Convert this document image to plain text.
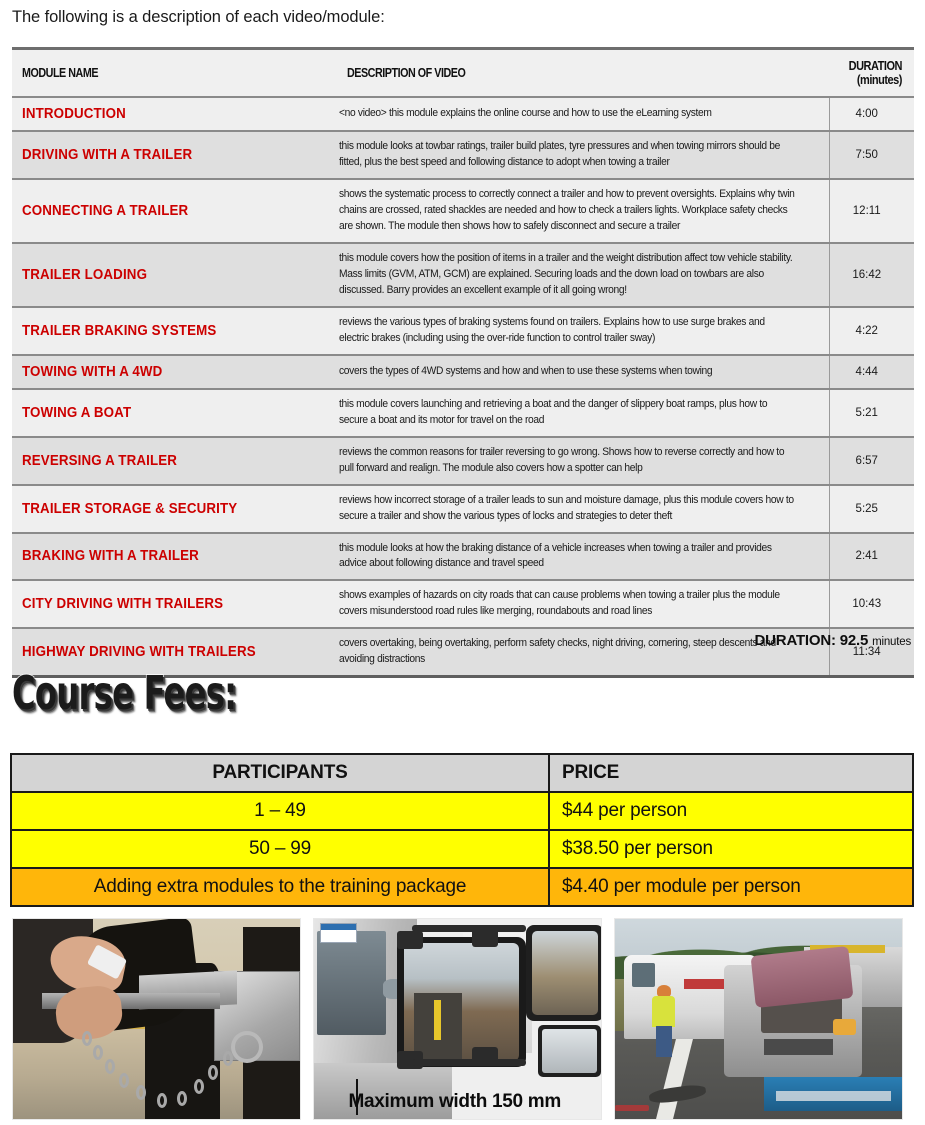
The following is a description of each video/module:
MODULE NAME	DESCRIPTION OF VIDEO	DURATION
(minutes)

INTRODUCTION	<no video> this module explains the online course and how to use the eLearning system	4:00
DRIVING WITH A TRAILER	this module looks at towbar ratings, trailer build plates, tyre pressures and when towing mirrors should be fitted, plus the best speed and following distance to adopt when towing a trailer	7:50
CONNECTING A TRAILER	shows the systematic process to correctly connect a trailer and how to prevent oversights. Explains why twin chains are crossed, rated shackles are needed and how to check a trailers lights. Workplace safety checks are shown. The module then shows how to safely disconnect and secure a trailer	12:11
TRAILER LOADING	this module covers how the position of items in a trailer and the weight distribution affect tow vehicle stability. Mass limits (GVM, ATM, GCM) are explained. Securing loads and the down load on towbars are also discussed. Barry provides an excellent example of it all going wrong!	16:42
TRAILER BRAKING SYSTEMS	reviews the various types of braking systems found on trailers. Explains how to use surge brakes and electric brakes (including using the over-ride function to control trailer sway)	4:22
TOWING WITH A 4WD	covers the types of 4WD systems and how and when to use these systems when towing	4:44
TOWING A BOAT	this module covers launching and retrieving a boat and the danger of slippery boat ramps, plus how to secure a boat and its motor for travel on the road	5:21
REVERSING A TRAILER	reviews the common reasons for trailer reversing to go wrong. Shows how to reverse correctly and how to pull forward and realign. The module also covers how a spotter can help	6:57
TRAILER STORAGE & SECURITY	reviews how incorrect storage of a trailer leads to sun and moisture damage, plus this module covers how to secure a trailer and show the various types of locks and strategies to deter theft	5:25
BRAKING WITH A TRAILER	this module looks at how the braking distance of a vehicle increases when towing a trailer and provides advice about following distance and travel speed	2:41
CITY DRIVING WITH TRAILERS	shows examples of hazards on city roads that can cause problems when towing a trailer plus the module covers misunderstood road rules like merging, roundabouts and road lines	10:43
HIGHWAY DRIVING WITH TRAILERS	covers overtaking, being overtaking, perform safety checks, night driving, cornering, steep descents and avoiding distractions	11:34
DURATION: 92.5 minutes
Course Fees:
PARTICIPANTS	PRICE
1 – 49	$44 per person
50 – 99	$38.50 per person
Adding extra modules to the training package	$4.40 per module per person
Maximum width 150 mm
